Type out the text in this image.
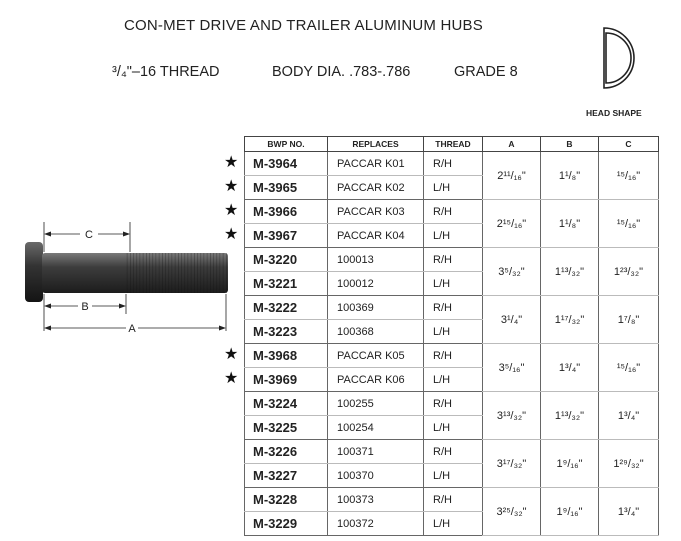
CON-MET DRIVE AND TRAILER ALUMINUM HUBS
³/₄"–16 THREAD	BODY DIA. .783-.786	GRADE 8
HEAD SHAPE
C
B
A
BWP NO.	REPLACES	THREAD	A	B	C

★ M-3964	PACCAR K01	R/H	2¹¹/₁₆"	1¹/₈"	¹⁵/₁₆"

★ M-3965	PACCAR K02	L/H			

★ M-3966	PACCAR K03	R/H	2¹⁵/₁₆"	1¹/₈"	¹⁵/₁₆"

★ M-3967	PACCAR K04	L/H			
M-3220	100013	R/H	3⁵/₃₂"	1¹³/₃₂"	1²³/₃₂"
M-3221	100012	L/H			
M-3222	100369	R/H	3¹/₄"	1¹⁷/₃₂"	1⁷/₈"
M-3223	100368	L/H			

★ M-3968	PACCAR K05	R/H	3⁵/₁₆"	1³/₄"	¹⁵/₁₆"

★ M-3969	PACCAR K06	L/H			
M-3224	100255	R/H	3¹³/₃₂"	1¹³/₃₂"	1³/₄"
M-3225	100254	L/H			
M-3226	100371	R/H	3¹⁷/₃₂"	1⁹/₁₆"	1²⁹/₃₂"
M-3227	100370	L/H			
M-3228	100373	R/H	3²⁵/₃₂"	1⁹/₁₆"	1³/₄"
M-3229	100372	L/H			
